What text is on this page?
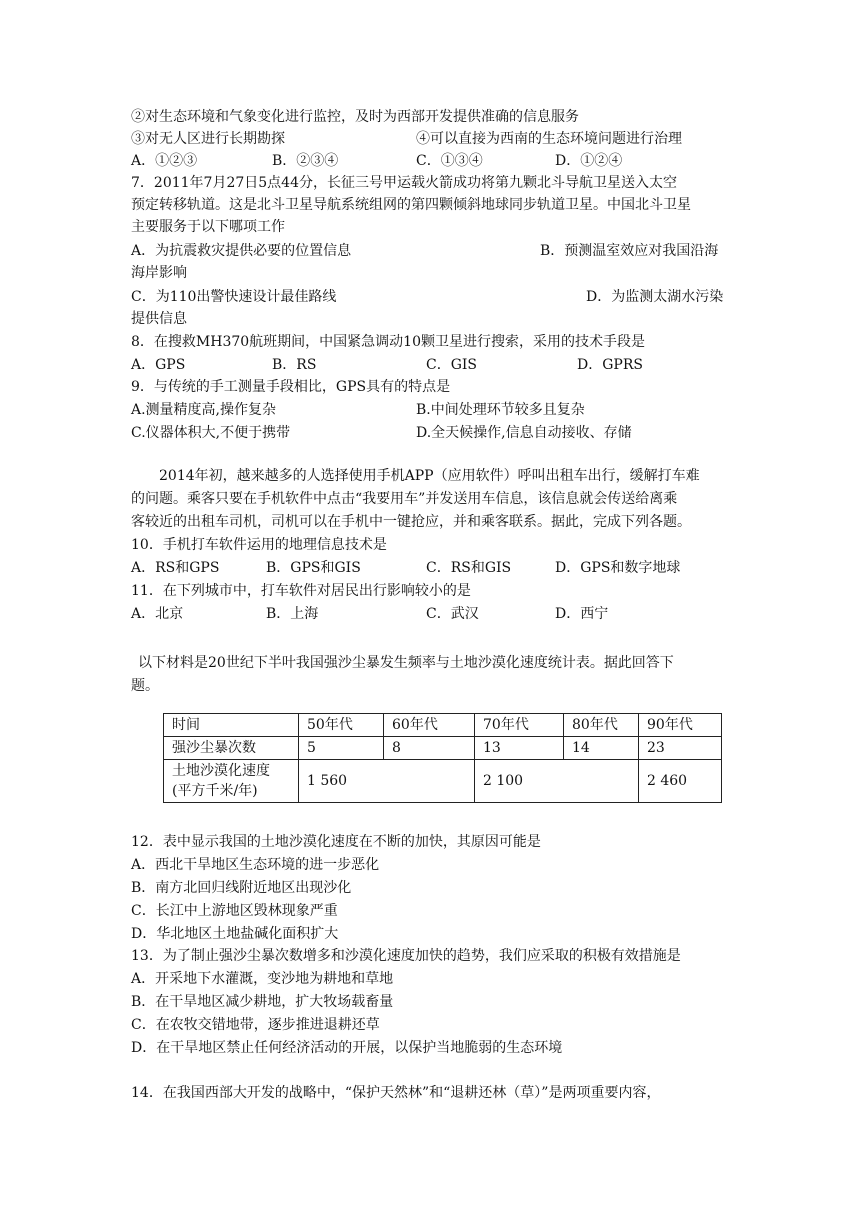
②对生态环境和气象变化进行监控，及时为西部开发提供准确的信息服务
③对无人区进行长期勘探	④可以直接为西南的生态环境问题进行治理
A．①②③	B．②③④	C．①③④	D．①②④
7．2011年7月27日5点44分，长征三号甲运载火箭成功将第九颗北斗导航卫星送入太空
预定转移轨道。这是北斗卫星导航系统组网的第四颗倾斜地球同步轨道卫星。中国北斗卫星
主要服务于以下哪项工作
A．为抗震救灾提供必要的位置信息	B．预测温室效应对我国沿海
海岸影响
C．为110出警快速设计最佳路线	D．为监测太湖水污染
提供信息
8．在搜救MH370航班期间，中国紧急调动10颗卫星进行搜索，采用的技术手段是
A．GPS	B．RS	C．GIS	D．GPRS
9．与传统的手工测量手段相比，GPS具有的特点是
A.测量精度高,操作复杂	B.中间处理环节较多且复杂
C.仪器体积大,不便于携带	D.全天候操作,信息自动接收、存储
2014年初，越来越多的人选择使用手机APP（应用软件）呼叫出租车出行，缓解打车难
的问题。乘客只要在手机软件中点击“我要用车”并发送用车信息，该信息就会传送给离乘
客较近的出租车司机，司机可以在手机中一键抢应，并和乘客联系。据此，完成下列各题。
10．手机打车软件运用的地理信息技术是
A．RS和GPS	B．GPS和GIS	C．RS和GIS	D．GPS和数字地球
11．在下列城市中，打车软件对居民出行影响较小的是
A．北京	B．上海	C．武汉	D．西宁
以下材料是20世纪下半叶我国强沙尘暴发生频率与土地沙漠化速度统计表。据此回答下
题。
时间	50年代	60年代	70年代	80年代	90年代
强沙尘暴次数	5	8	13	14	23

土地沙漠化速度
(平方千米/年)	1 560		2 100		2 460
12．表中显示我国的土地沙漠化速度在不断的加快，其原因可能是
A．西北干旱地区生态环境的进一步恶化
B．南方北回归线附近地区出现沙化
C．长江中上游地区毁林现象严重
D．华北地区土地盐碱化面积扩大
13．为了制止强沙尘暴次数增多和沙漠化速度加快的趋势，我们应采取的积极有效措施是
A．开采地下水灌溉，变沙地为耕地和草地
B．在干旱地区减少耕地，扩大牧场载畜量
C．在农牧交错地带，逐步推进退耕还草
D．在干旱地区禁止任何经济活动的开展，以保护当地脆弱的生态环境
14．在我国西部大开发的战略中，“保护天然林”和“退耕还林（草）”是两项重要内容，
